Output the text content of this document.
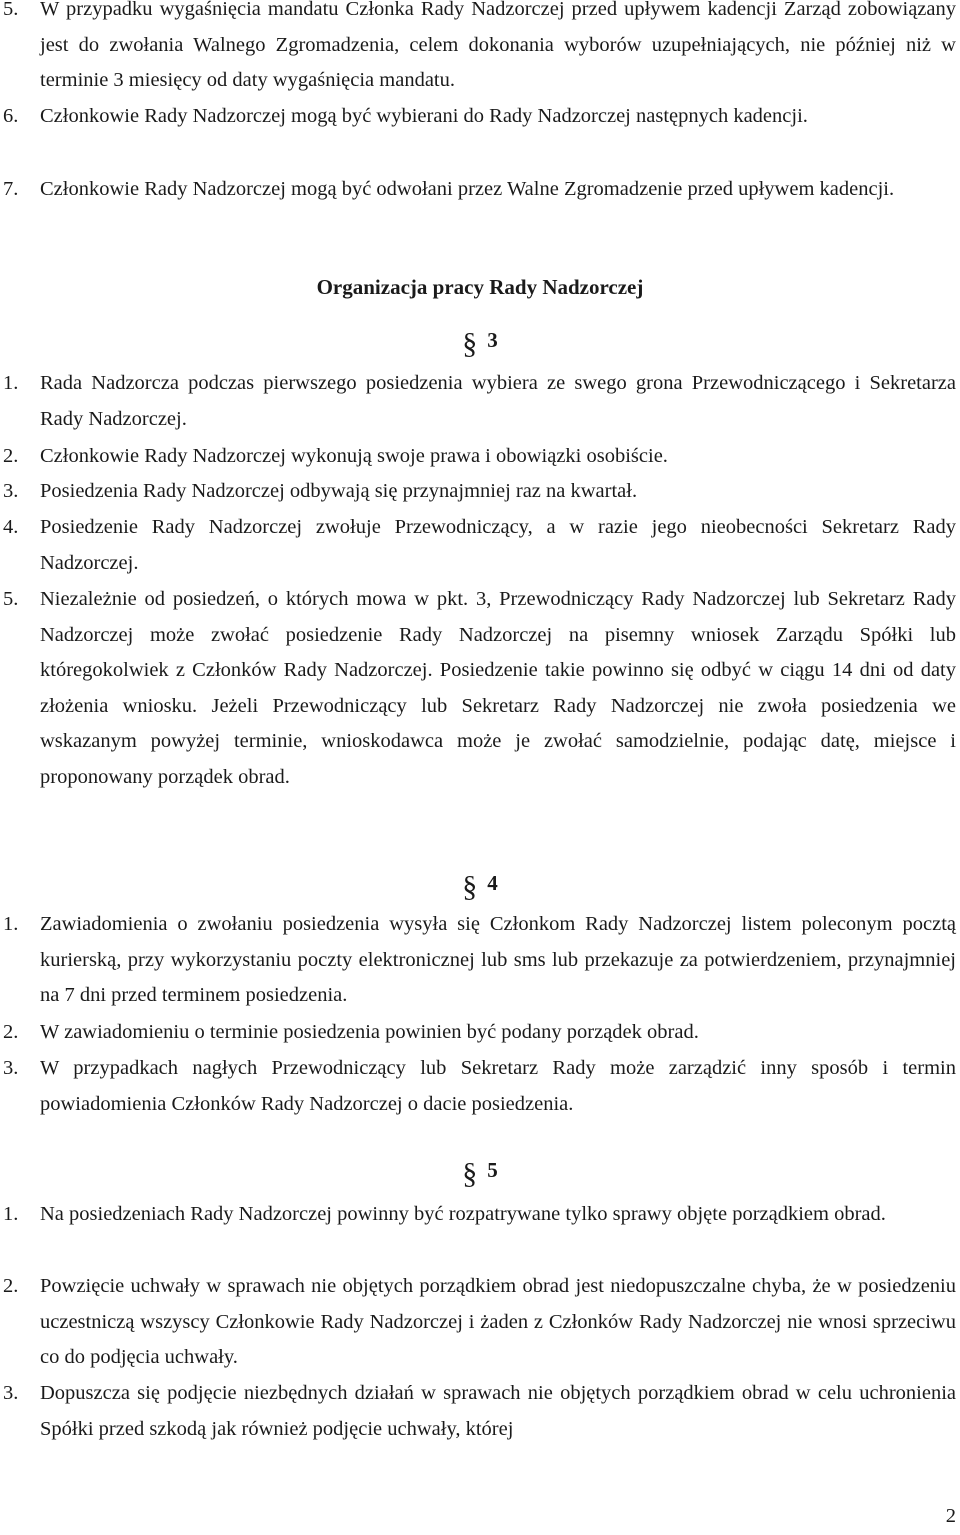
5. W przypadku wygaśnięcia mandatu Członka Rady Nadzorczej przed upływem kadencji Zarząd zobowiązany jest do zwołania Walnego Zgromadzenia, celem dokonania wyborów uzupełniających, nie później niż w terminie 3 miesięcy od daty wygaśnięcia mandatu.
6. Członkowie Rady Nadzorczej mogą być wybierani do Rady Nadzorczej następnych kadencji.
7. Członkowie Rady Nadzorczej mogą być odwołani przez Walne Zgromadzenie przed upływem kadencji.
Organizacja pracy Rady Nadzorczej
§ 3
1. Rada Nadzorcza podczas pierwszego posiedzenia wybiera ze swego grona Przewodniczącego i Sekretarza Rady Nadzorczej.
2. Członkowie Rady Nadzorczej wykonują swoje prawa i obowiązki osobiście.
3. Posiedzenia Rady Nadzorczej odbywają się przynajmniej raz na kwartał.
4. Posiedzenie Rady Nadzorczej zwołuje Przewodniczący, a w razie jego nieobecności Sekretarz Rady Nadzorczej.
5. Niezależnie od posiedzeń, o których mowa w pkt. 3, Przewodniczący Rady Nadzorczej lub Sekretarz Rady Nadzorczej może zwołać posiedzenie Rady Nadzorczej na pisemny wniosek Zarządu Spółki lub któregokolwiek z Członków Rady Nadzorczej. Posiedzenie takie powinno się odbyć w ciągu 14 dni od daty złożenia wniosku. Jeżeli Przewodniczący lub Sekretarz Rady Nadzorczej nie zwoła posiedzenia we wskazanym powyżej terminie, wnioskodawca może je zwołać samodzielnie, podając datę, miejsce i proponowany porządek obrad.
§ 4
1. Zawiadomienia o zwołaniu posiedzenia wysyła się Członkom Rady Nadzorczej listem poleconym pocztą kurierską, przy wykorzystaniu poczty elektronicznej lub sms lub przekazuje za potwierdzeniem, przynajmniej na 7 dni przed terminem posiedzenia.
2. W zawiadomieniu o terminie posiedzenia powinien być podany porządek obrad.
3. W przypadkach nagłych Przewodniczący lub Sekretarz Rady może zarządzić inny sposób i termin powiadomienia Członków Rady Nadzorczej o dacie posiedzenia.
§ 5
1. Na posiedzeniach Rady Nadzorczej powinny być rozpatrywane tylko sprawy objęte porządkiem obrad.
2. Powzięcie uchwały w sprawach nie objętych porządkiem obrad jest niedopuszczalne chyba, że w posiedzeniu uczestniczą wszyscy Członkowie Rady Nadzorczej i żaden z Członków Rady Nadzorczej nie wnosi sprzeciwu co do podjęcia uchwały.
3. Dopuszcza się podjęcie niezbędnych działań w sprawach nie objętych porządkiem obrad w celu uchronienia Spółki przed szkodą jak również podjęcie uchwały, której
2
